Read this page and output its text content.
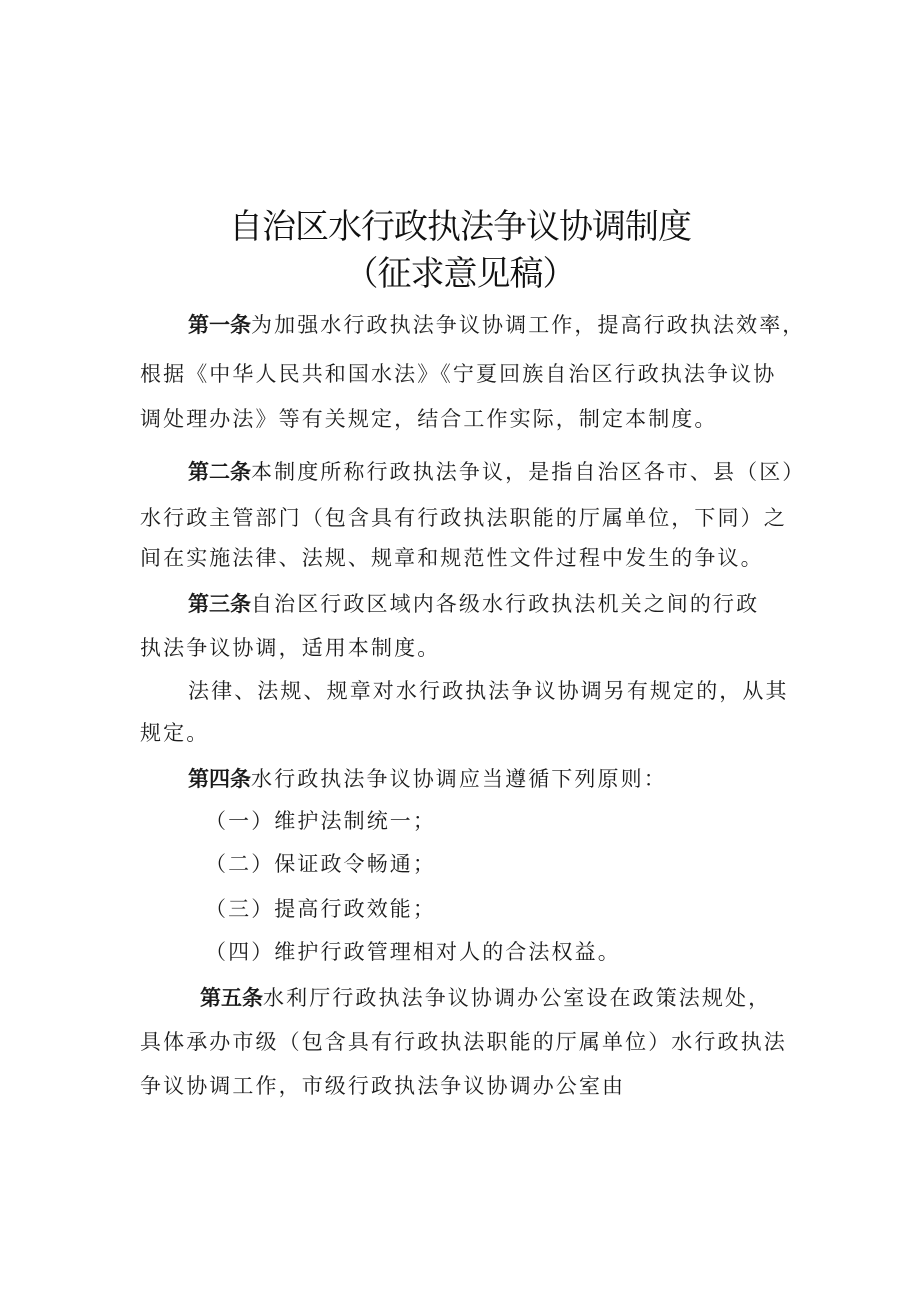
自治区水行政执法争议协调制度
（征求意见稿）
第一条为加强水行政执法争议协调工作，提高行政执法效率，
根据《中华人民共和国水法》《宁夏回族自治区行政执法争议协
调处理办法》等有关规定，结合工作实际，制定本制度。
第二条本制度所称行政执法争议，是指自治区各市、县（区）
水行政主管部门（包含具有行政执法职能的厅属单位，下同）之
间在实施法律、法规、规章和规范性文件过程中发生的争议。
第三条自治区行政区域内各级水行政执法机关之间的行政
执法争议协调，适用本制度。
法律、法规、规章对水行政执法争议协调另有规定的，从其
规定。
第四条水行政执法争议协调应当遵循下列原则：
（一）维护法制统一；
（二）保证政令畅通；
（三）提高行政效能；
（四）维护行政管理相对人的合法权益。
第五条水利厅行政执法争议协调办公室设在政策法规处，
具体承办市级（包含具有行政执法职能的厅属单位）水行政执法
争议协调工作，市级行政执法争议协调办公室由
